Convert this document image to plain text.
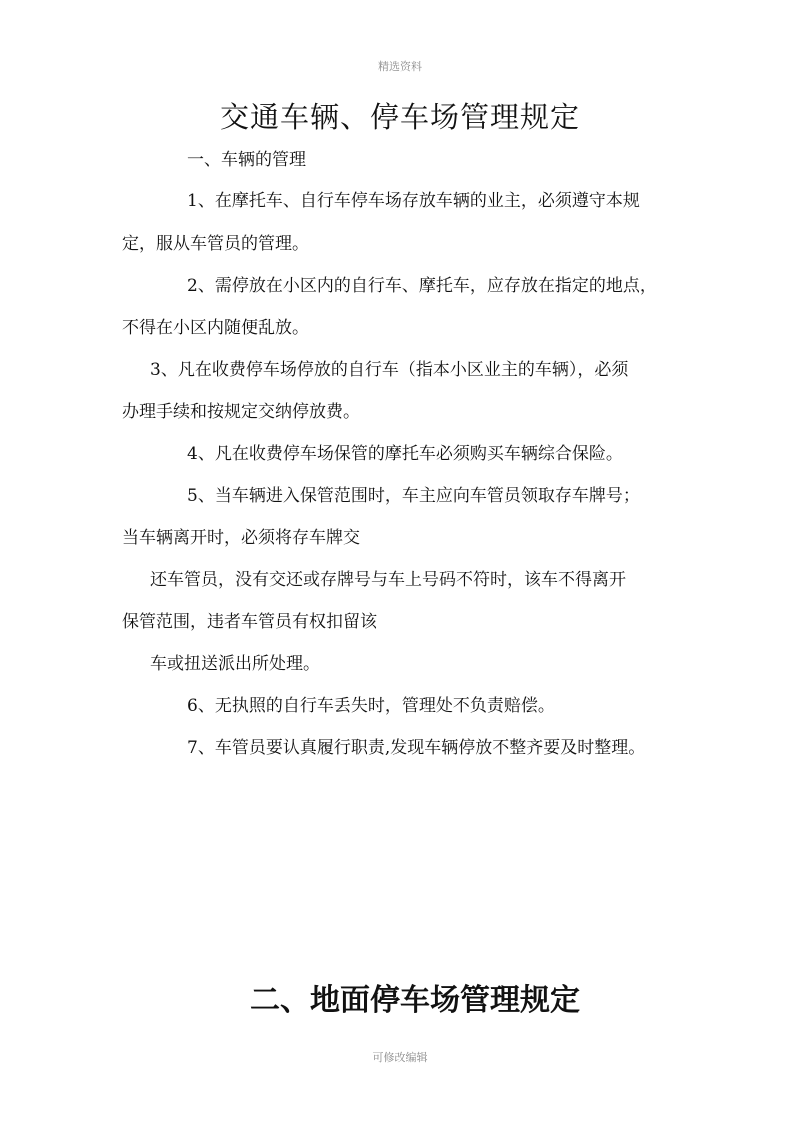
精选资料
交通车辆、停车场管理规定

一、车辆的管理

1、在摩托车、自行车停车场存放车辆的业主，必须遵守本规

定，服从车管员的管理。

2、需停放在小区内的自行车、摩托车，应存放在指定的地点，

不得在小区内随便乱放。

3、凡在收费停车场停放的自行车（指本小区业主的车辆），必须

办理手续和按规定交纳停放费。

4、凡在收费停车场保管的摩托车必须购买车辆综合保险。

5、当车辆进入保管范围时，车主应向车管员领取存车牌号；

当车辆离开时，必须将存车牌交

还车管员，没有交还或存牌号与车上号码不符时，该车不得离开

保管范围，违者车管员有权扣留该

车或扭送派出所处理。

6、无执照的自行车丢失时，管理处不负责赔偿。

7、车管员要认真履行职责,发现车辆停放不整齐要及时整理。

二、地面停车场管理规定
可修改编辑
